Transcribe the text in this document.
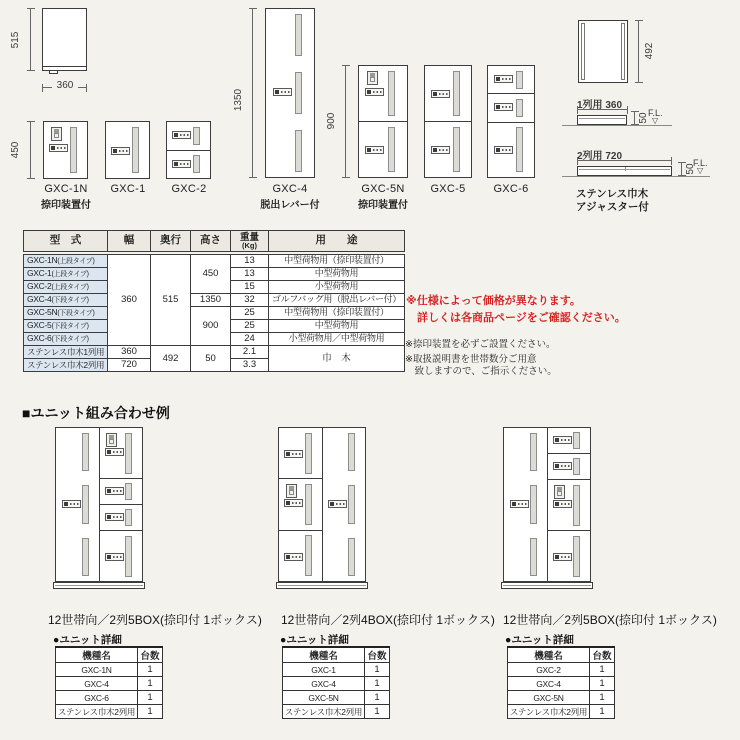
515
360
450
1350
900
GXC-1N
捺印装置付
GXC-1	GXC-2	GXC-4
脱出レバー付
GXC-5N
捺印装置付
GXC-5	GXC-6
492
1列用 360
50 F.L.
▽
2列用 720
50
F.L.
▽
ステンレス巾木
アジャスター付
型　式	幅	奥行	高さ	重量
(Kg)	用　　途
GXC-1N(上段タイプ)	360	515	450	13	中型荷物用（捺印装置付）
GXC-1(上段タイプ)				13	中型荷物用
GXC-2(上段タイプ)				15	小型荷物用
GXC-4(下段タイプ)			1350	32	ゴルフバッグ用（脱出レバー付）
GXC-5N(下段タイプ)			900	25	中型荷物用（捺印装置付）
GXC-5(下段タイプ)				25	中型荷物用
GXC-6(下段タイプ)				24	小型荷物用／中型荷物用
ステンレス巾木1列用	360	492	50	2.1	巾　木
ステンレス巾木2列用	720			3.3	
※仕様によって価格が異なります。
詳しくは各商品ページをご確認ください。
※捺印装置を必ずご設置ください。
※取扱説明書を世帯数分ご用意
　致しますので、ご指示ください。
■ユニット組み合わせ例
12世帯向／2列5BOX(捺印付 1ボックス) 12世帯向／2列4BOX(捺印付 1ボックス) 12世帯向／2列5BOX(捺印付 1ボックス)
●ユニット詳細	●ユニット詳細	●ユニット詳細
機種名	台数
GXC-1N	1
GXC-4	1
GXC-6	1
ステンレス巾木2列用	1
機種名	台数
GXC-1	1
GXC-4	1
GXC-5N	1
ステンレス巾木2列用	1
機種名	台数
GXC-2	1
GXC-4	1
GXC-5N	1
ステンレス巾木2列用	1
